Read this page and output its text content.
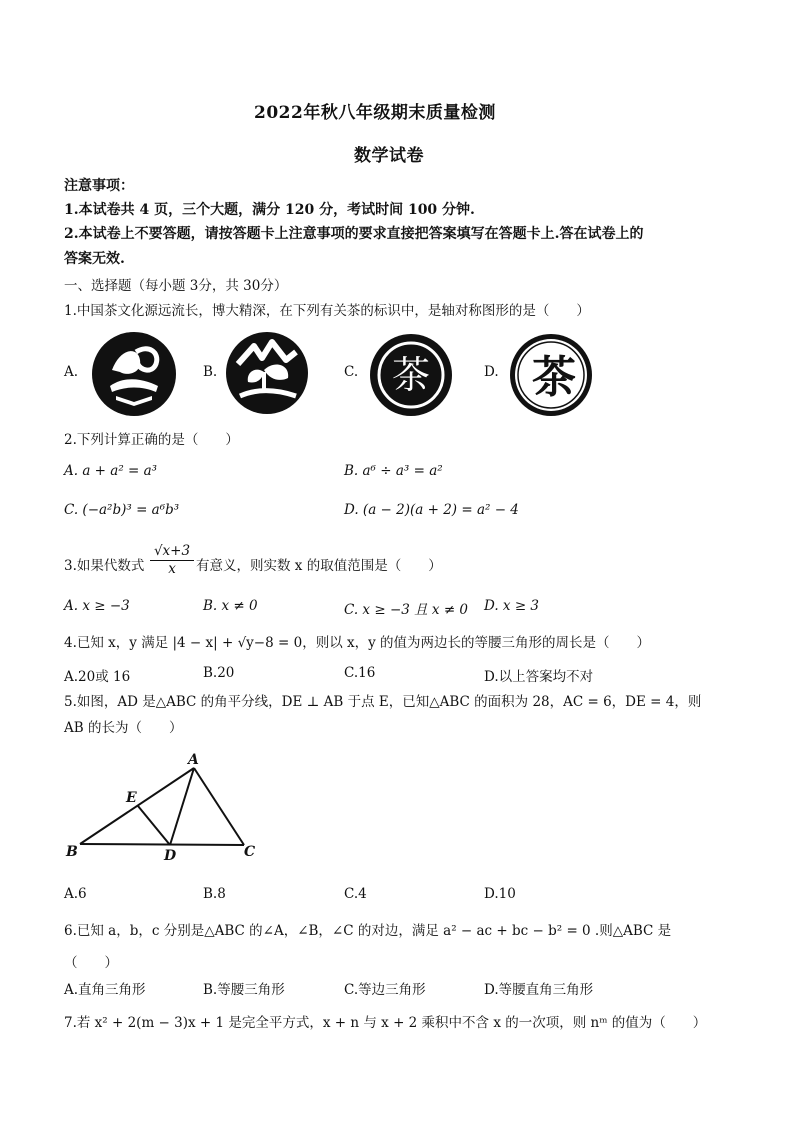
2022年秋八年级期末质量检测
数学试卷
注意事项：
1.本试卷共 4 页，三个大题，满分 120 分，考试时间 100 分钟.
2.本试卷上不要答题，请按答题卡上注意事项的要求直接把答案填写在答题卡上.答在试卷上的
答案无效.
一、选择题（每小题 3分，共 30分）
1.中国茶文化源远流长，博大精深，在下列有关茶的标识中，是轴对称图形的是（　　）
A.	B.	C.	D.
茶 茶
2.下列计算正确的是（　　）
A. a + a² = a³	B. a⁶ ÷ a³ = a²
C. (−a²b)³ = a⁶b³	D. (a − 2)(a + 2) = a² − 4
3.如果代数式 $\frac{√x+3}{x}$ 有意义，则实数 x 的取值范围是（　　）
A. x ≥ −3	B. x ≠ 0	C. x ≥ −3 且 x ≠ 0 D. x ≥ 3
4.已知 x，y 满足 |4 − x| + √y−8 = 0，则以 x，y 的值为两边长的等腰三角形的周长是（　　）
A.20或 16	B.20	C.16	D.以上答案均不对
5.如图，AD 是△ABC 的角平分线，DE ⊥ AB 于点 E，已知△ABC 的面积为 28，AC = 6，DE = 4，则
AB 的长为（　　）
A
B	C
D
E
A.6	B.8	C.4	D.10
6.已知 a，b，c 分别是△ABC 的∠A，∠B，∠C 的对边，满足 a² − ac + bc − b² = 0 .则△ABC 是
（　　）
A.直角三角形	B.等腰三角形	C.等边三角形	D.等腰直角三角形
7.若 x² + 2(m − 3)x + 1 是完全平方式，x + n 与 x + 2 乘积中不含 x 的一次项，则 nᵐ 的值为（　　）
